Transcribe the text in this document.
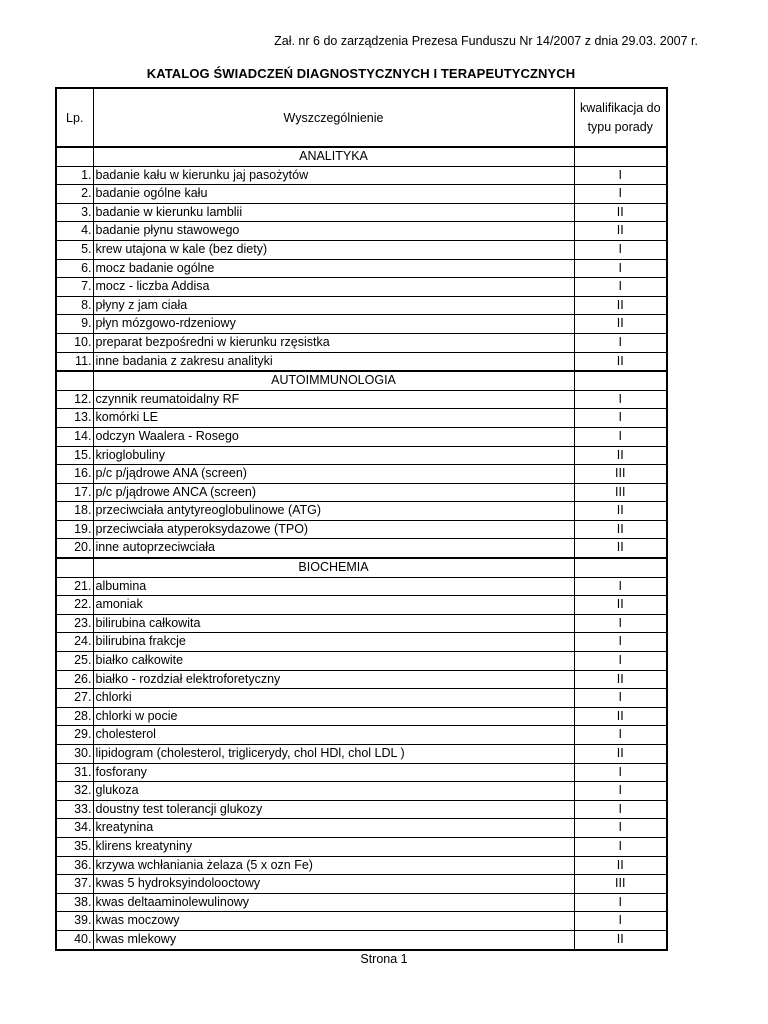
Zał. nr 6 do zarządzenia Prezesa Funduszu Nr 14/2007 z dnia 29.03. 2007 r.
KATALOG ŚWIADCZEŃ DIAGNOSTYCZNYCH I TERAPEUTYCZNYCH
Lp.	Wyszczególnienie	kwalifikacja do
typu porady
	ANALITYKA	
1.	badanie kału w kierunku jaj pasożytów	I
2.	badanie ogólne kału	I
3.	badanie w kierunku lamblii	II
4.	badanie płynu stawowego	II
5.	krew utajona w kale (bez diety)	I
6.	mocz badanie ogólne	I
7.	mocz - liczba Addisa	I
8.	płyny z jam ciała	II
9.	płyn mózgowo-rdzeniowy	II
10.	preparat bezpośredni w kierunku rzęsistka	I
11.	inne badania z zakresu analityki	II
	AUTOIMMUNOLOGIA	
12.	czynnik reumatoidalny RF	I
13.	komórki LE	I
14.	odczyn Waalera - Rosego	I
15.	krioglobuliny	II
16.	p/c p/jądrowe ANA (screen)	III
17.	p/c p/jądrowe ANCA (screen)	III
18.	przeciwciała antytyreoglobulinowe (ATG)	II
19.	przeciwciała atyperoksydazowe (TPO)	II
20.	inne autoprzeciwciała	II
	BIOCHEMIA	
21.	albumina	I
22.	amoniak	II
23.	bilirubina całkowita	I
24.	bilirubina frakcje	I
25.	białko całkowite	I
26.	białko - rozdział elektroforetyczny	II
27.	chlorki	I
28.	chlorki w pocie	II
29.	cholesterol	I
30.	lipidogram (cholesterol, triglicerydy, chol HDl, chol LDL )	II
31.	fosforany	I
32.	glukoza	I
33.	doustny test tolerancji glukozy	I
34.	kreatynina	I
35.	klirens kreatyniny	I
36.	krzywa wchłaniania żelaza (5 x ozn Fe)	II
37.	kwas 5 hydroksyindolooctowy	III
38.	kwas deltaaminolewulinowy	I
39.	kwas moczowy	I
40.	kwas mlekowy	II
Strona 1
